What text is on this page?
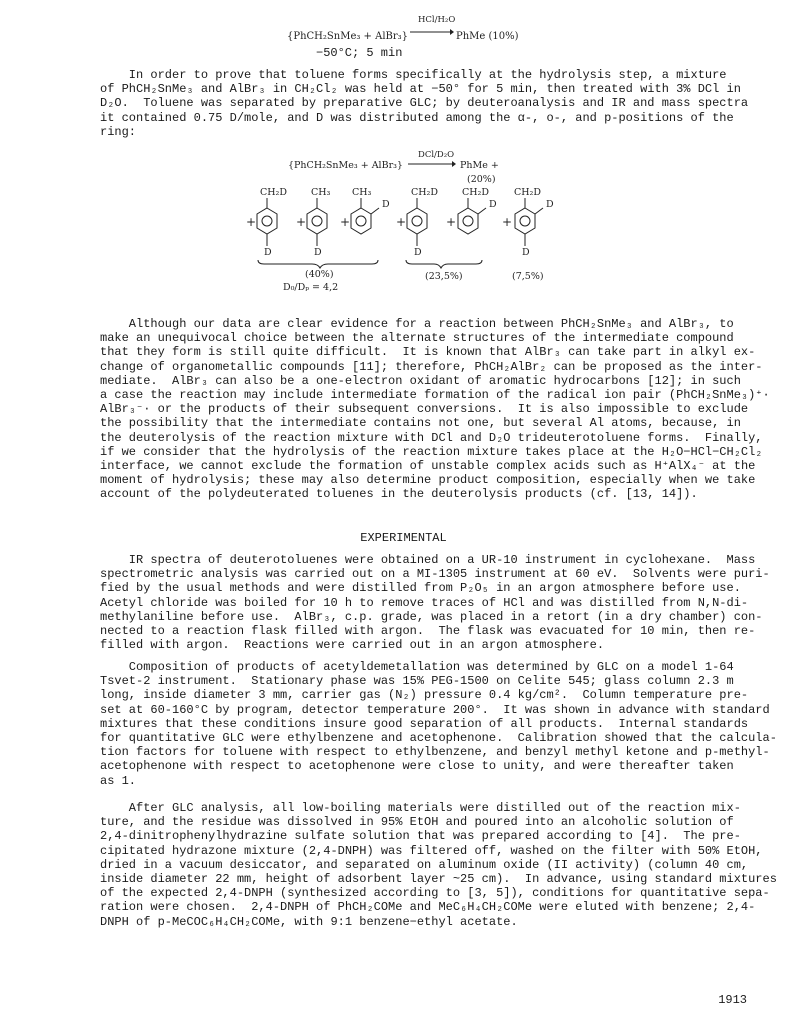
{PhCH₂SnMe₃ + AlBr₃}
HCl/H₂O
PhMe (10%)
−50°C; 5 min
In order to prove that toluene forms specifically at the hydrolysis step, a mixture
of PhCH₂SnMe₃ and AlBr₃ in CH₂Cl₂ was held at −50° for 5 min, then treated with 3% DCl in
D₂O.  Toluene was separated by preparative GLC; by deuteroanalysis and IR and mass spectra
it contained 0.75 D/mole, and D was distributed among the α-, o-, and p-positions of the
ring:
{PhCH₂SnMe₃ + AlBr₃}
DCl/D₂O
PhMe +
(20%)
CH₂D	CH₃ CH₃	CH₂D	CH₂D	CH₂D
+	+	+	+	+	+
D	D	D
D	D	D	D
(40%)
D₀/Dₚ = 4,2
(23,5%)	(7,5%)
Although our data are clear evidence for a reaction between PhCH₂SnMe₃ and AlBr₃, to
make an unequivocal choice between the alternate structures of the intermediate compound
that they form is still quite difficult.  It is known that AlBr₃ can take part in alkyl ex-
change of organometallic compounds [11]; therefore, PhCH₂AlBr₂ can be proposed as the inter-
mediate.  AlBr₃ can also be a one-electron oxidant of aromatic hydrocarbons [12]; in such
a case the reaction may include intermediate formation of the radical ion pair (PhCH₂SnMe₃)⁺·
AlBr₃⁻· or the products of their subsequent conversions.  It is also impossible to exclude
the possibility that the intermediate contains not one, but several Al atoms, because, in
the deuterolysis of the reaction mixture with DCl and D₂O trideuterotoluene forms.  Finally,
if we consider that the hydrolysis of the reaction mixture takes place at the H₂O−HCl−CH₂Cl₂
interface, we cannot exclude the formation of unstable complex acids such as H⁺AlX₄⁻ at the
moment of hydrolysis; these may also determine product composition, especially when we take
account of the polydeuterated toluenes in the deuterolysis products (cf. [13, 14]).
EXPERIMENTAL
IR spectra of deuterotoluenes were obtained on a UR-10 instrument in cyclohexane.  Mass
spectrometric analysis was carried out on a MI-1305 instrument at 60 eV.  Solvents were puri-
fied by the usual methods and were distilled from P₂O₅ in an argon atmosphere before use.
Acetyl chloride was boiled for 10 h to remove traces of HCl and was distilled from N,N-di-
methylaniline before use.  AlBr₃, c.p. grade, was placed in a retort (in a dry chamber) con-
nected to a reaction flask filled with argon.  The flask was evacuated for 10 min, then re-
filled with argon.  Reactions were carried out in an argon atmosphere.
Composition of products of acetyldemetallation was determined by GLC on a model 1-64
Tsvet-2 instrument.  Stationary phase was 15% PEG-1500 on Celite 545; glass column 2.3 m
long, inside diameter 3 mm, carrier gas (N₂) pressure 0.4 kg/cm².  Column temperature pre-
set at 60-160°C by program, detector temperature 200°.  It was shown in advance with standard
mixtures that these conditions insure good separation of all products.  Internal standards
for quantitative GLC were ethylbenzene and acetophenone.  Calibration showed that the calcula-
tion factors for toluene with respect to ethylbenzene, and benzyl methyl ketone and p-methyl-
acetophenone with respect to acetophenone were close to unity, and were thereafter taken
as 1.
After GLC analysis, all low-boiling materials were distilled out of the reaction mix-
ture, and the residue was dissolved in 95% EtOH and poured into an alcoholic solution of
2,4-dinitrophenylhydrazine sulfate solution that was prepared according to [4].  The pre-
cipitated hydrazone mixture (2,4-DNPH) was filtered off, washed on the filter with 50% EtOH,
dried in a vacuum desiccator, and separated on aluminum oxide (II activity) (column 40 cm,
inside diameter 22 mm, height of adsorbent layer ~25 cm).  In advance, using standard mixtures
of the expected 2,4-DNPH (synthesized according to [3, 5]), conditions for quantitative sepa-
ration were chosen.  2,4-DNPH of PhCH₂COMe and MeC₆H₄CH₂COMe were eluted with benzene; 2,4-
DNPH of p-MeCOC₆H₄CH₂COMe, with 9:1 benzene−ethyl acetate.
1913
